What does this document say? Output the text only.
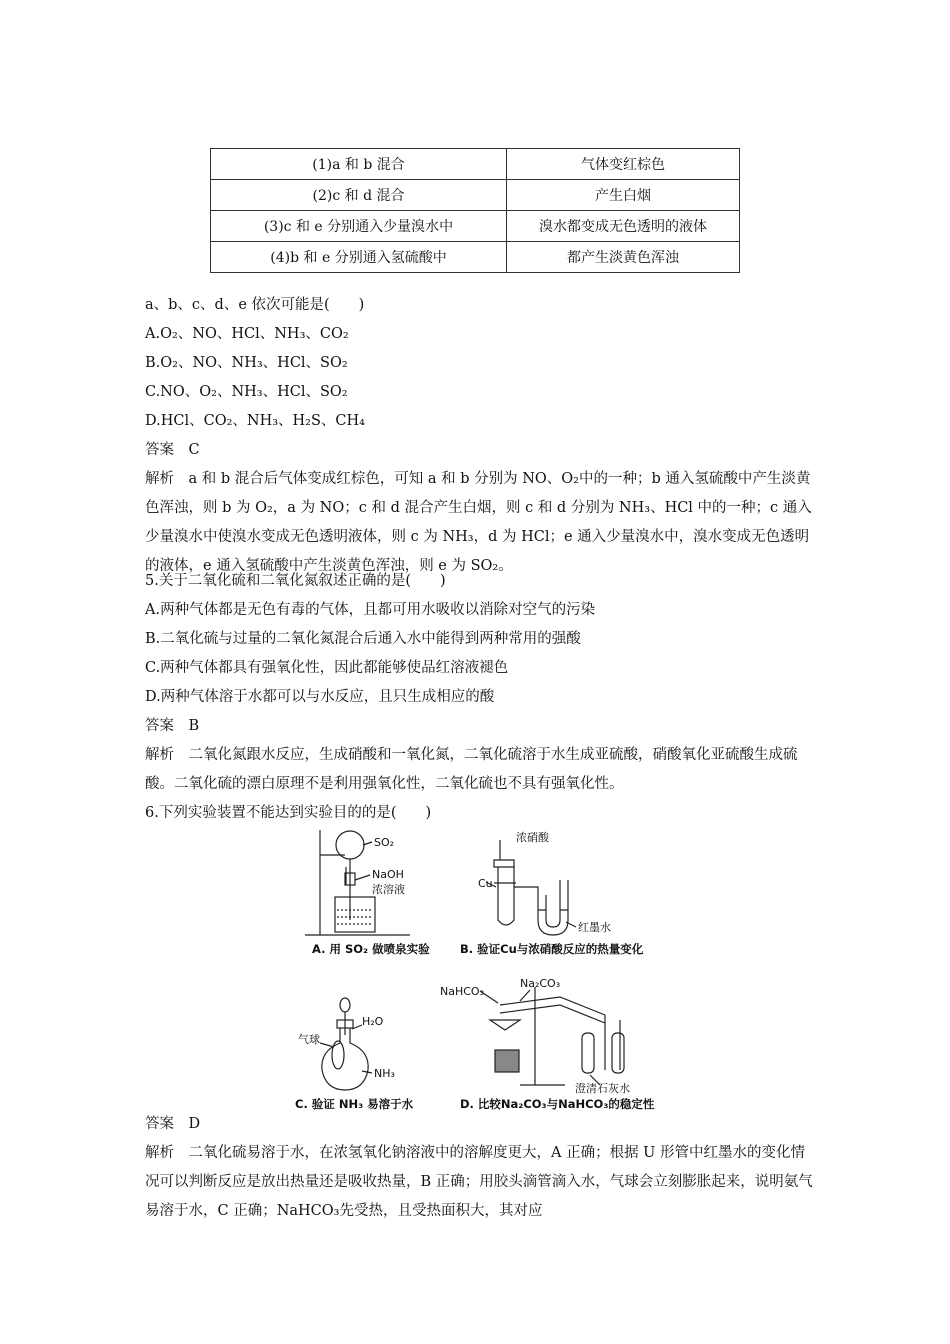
(1)a 和 b 混合	气体变红棕色
(2)c 和 d 混合	产生白烟
(3)c 和 e 分别通入少量溴水中	溴水都变成无色透明的液体
(4)b 和 e 分别通入氢硫酸中	都产生淡黄色浑浊
a、b、c、d、e 依次可能是(　　)
A.O₂、NO、HCl、NH₃、CO₂
B.O₂、NO、NH₃、HCl、SO₂
C.NO、O₂、NH₃、HCl、SO₂
D.HCl、CO₂、NH₃、H₂S、CH₄
答案　C
解析　a 和 b 混合后气体变成红棕色，可知 a 和 b 分别为 NO、O₂中的一种；b 通入氢硫酸中产生淡黄色浑浊，则 b 为 O₂，a 为 NO；c 和 d 混合产生白烟，则 c 和 d 分别为 NH₃、HCl 中的一种；c 通入少量溴水中使溴水变成无色透明液体，则 c 为 NH₃，d 为 HCl；e 通入少量溴水中，溴水变成无色透明的液体，e 通入氢硫酸中产生淡黄色浑浊，则 e 为 SO₂。
5.关于二氧化硫和二氧化氮叙述正确的是(　　)
A.两种气体都是无色有毒的气体，且都可用水吸收以消除对空气的污染
B.二氧化硫与过量的二氧化氮混合后通入水中能得到两种常用的强酸
C.两种气体都具有强氧化性，因此都能够使品红溶液褪色
D.两种气体溶于水都可以与水反应，且只生成相应的酸
答案　B
解析　二氧化氮跟水反应，生成硝酸和一氧化氮，二氧化硫溶于水生成亚硫酸，硝酸氧化亚硫酸生成硫酸。二氧化硫的漂白原理不是利用强氧化性，二氧化硫也不具有强氧化性。
6.下列实验装置不能达到实验目的的是(　　)
SO₂
NaOH
浓溶液
A. 用 SO₂ 做喷泉实验
浓硝酸
Cu
红墨水
B. 验证Cu与浓硝酸反应的热量变化
H₂O
气球
NH₃
C. 验证 NH₃ 易溶于水
Na₂CO₃
NaHCO₃
澄清石灰水
D. 比较Na₂CO₃与NaHCO₃的稳定性
答案　D
解析　二氧化硫易溶于水，在浓氢氧化钠溶液中的溶解度更大，A 正确；根据 U 形管中红墨水的变化情况可以判断反应是放出热量还是吸收热量，B 正确；用胶头滴管滴入水，气球会立刻膨胀起来，说明氨气易溶于水，C 正确；NaHCO₃先受热，且受热面积大，其对应
